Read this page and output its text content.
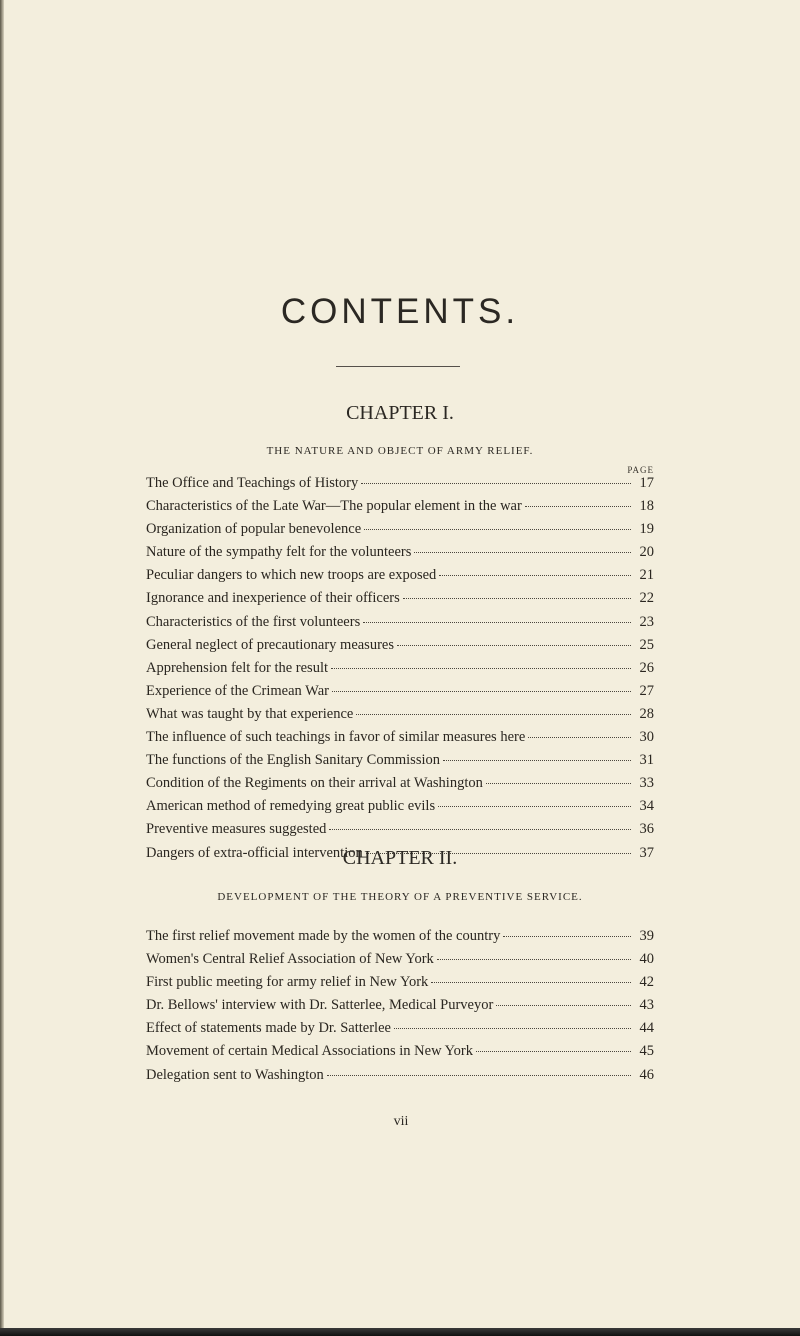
CONTENTS.
CHAPTER I.
THE NATURE AND OBJECT OF ARMY RELIEF.
PAGE
The Office and Teachings of History	17
Characteristics of the Late War—The popular element in the war	18
Organization of popular benevolence	19
Nature of the sympathy felt for the volunteers	20
Peculiar dangers to which new troops are exposed	21
Ignorance and inexperience of their officers	22
Characteristics of the first volunteers	23
General neglect of precautionary measures	25
Apprehension felt for the result	26
Experience of the Crimean War	27
What was taught by that experience	28
The influence of such teachings in favor of similar measures here	30
The functions of the English Sanitary Commission	31
Condition of the Regiments on their arrival at Washington	33
American method of remedying great public evils	34
Preventive measures suggested	36
Dangers of extra-official intervention	37
CHAPTER II.
DEVELOPMENT OF THE THEORY OF A PREVENTIVE SERVICE.
The first relief movement made by the women of the country	39
Women's Central Relief Association of New York	40
First public meeting for army relief in New York	42
Dr. Bellows' interview with Dr. Satterlee, Medical Purveyor	43
Effect of statements made by Dr. Satterlee	44
Movement of certain Medical Associations in New York	45
Delegation sent to Washington	46
vii
